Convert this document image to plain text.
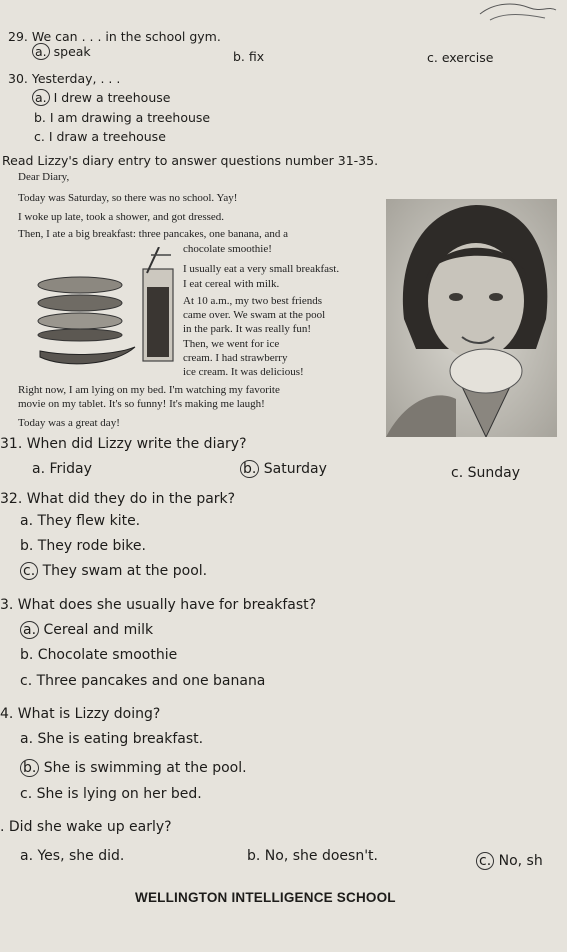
29. We can . . . in the school gym.
a. speak	b. fix	c. exercise
30. Yesterday, . . .
a. I drew a treehouse
b. I am drawing a treehouse
c. I draw a treehouse
Read Lizzy's diary entry to answer questions number 31-35.
Dear Diary,
Today was Saturday, so there was no school. Yay!
I woke up late, took a shower, and got dressed.
Then, I ate a big breakfast: three pancakes, one banana, and a
chocolate smoothie!
I usually eat a very small breakfast.
I eat cereal with milk.
At 10 a.m., my two best friends
came over. We swam at the pool
in the park. It was really fun!
Then, we went for ice
cream. I had strawberry
ice cream. It was delicious!
Right now, I am lying on my bed. I'm watching my favorite
movie on my tablet. It's so funny! It's making me laugh!
Today was a great day!
31. When did Lizzy write the diary?
a. Friday	b. Saturday	c. Sunday
32. What did they do in the park?
a. They flew kite.
b. They rode bike.
c. They swam at the pool.
3. What does she usually have for breakfast?
a. Cereal and milk
b. Chocolate smoothie
c. Three pancakes and one banana
4. What is Lizzy doing?
a. She is eating breakfast.
b. She is swimming at the pool.
c. She is lying on her bed.
. Did she wake up early?
a. Yes, she did.	b. No, she doesn't.	c. No, sh
WELLINGTON INTELLIGENCE SCHOOL
